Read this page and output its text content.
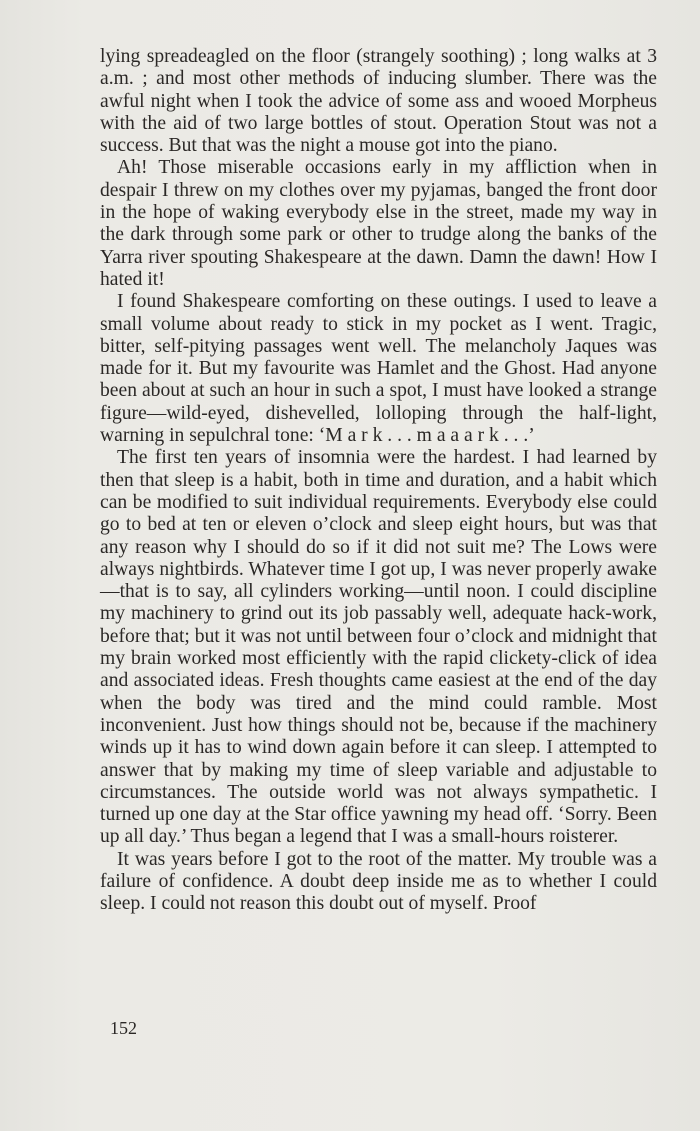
lying spreadeagled on the floor (strangely soothing) ; long walks at 3 a.m. ; and most other methods of inducing slumber. There was the awful night when I took the advice of some ass and wooed Morpheus with the aid of two large bottles of stout. Operation Stout was not a success. But that was the night a mouse got into the piano.

Ah! Those miserable occasions early in my affliction when in despair I threw on my clothes over my pyjamas, banged the front door in the hope of waking everybody else in the street, made my way in the dark through some park or other to trudge along the banks of the Yarra river spouting Shakespeare at the dawn. Damn the dawn! How I hated it!

I found Shakespeare comforting on these outings. I used to leave a small volume about ready to stick in my pocket as I went. Tragic, bitter, self-pitying passages went well. The melancholy Jaques was made for it. But my favourite was Hamlet and the Ghost. Had anyone been about at such an hour in such a spot, I must have looked a strange figure—wild-eyed, dishevelled, lolloping through the half-light, warning in sepulchral tone: ‘M a r k . . . m a a a r k . . .’

The first ten years of insomnia were the hardest. I had learned by then that sleep is a habit, both in time and duration, and a habit which can be modified to suit individual requirements. Everybody else could go to bed at ten or eleven o’clock and sleep eight hours, but was that any reason why I should do so if it did not suit me? The Lows were always nightbirds. Whatever time I got up, I was never properly awake—that is to say, all cylinders working—until noon. I could discipline my machinery to grind out its job passably well, adequate hack-work, before that; but it was not until between four o’clock and midnight that my brain worked most efficiently with the rapid clickety-click of idea and associated ideas. Fresh thoughts came easiest at the end of the day when the body was tired and the mind could ramble. Most inconvenient. Just how things should not be, because if the machinery winds up it has to wind down again before it can sleep. I attempted to answer that by making my time of sleep variable and adjustable to circumstances. The outside world was not always sympathetic. I turned up one day at the Star office yawning my head off. ‘Sorry. Been up all day.’ Thus began a legend that I was a small-hours roisterer.

It was years before I got to the root of the matter. My trouble was a failure of confidence. A doubt deep inside me as to whether I could sleep. I could not reason this doubt out of myself. Proof

152
